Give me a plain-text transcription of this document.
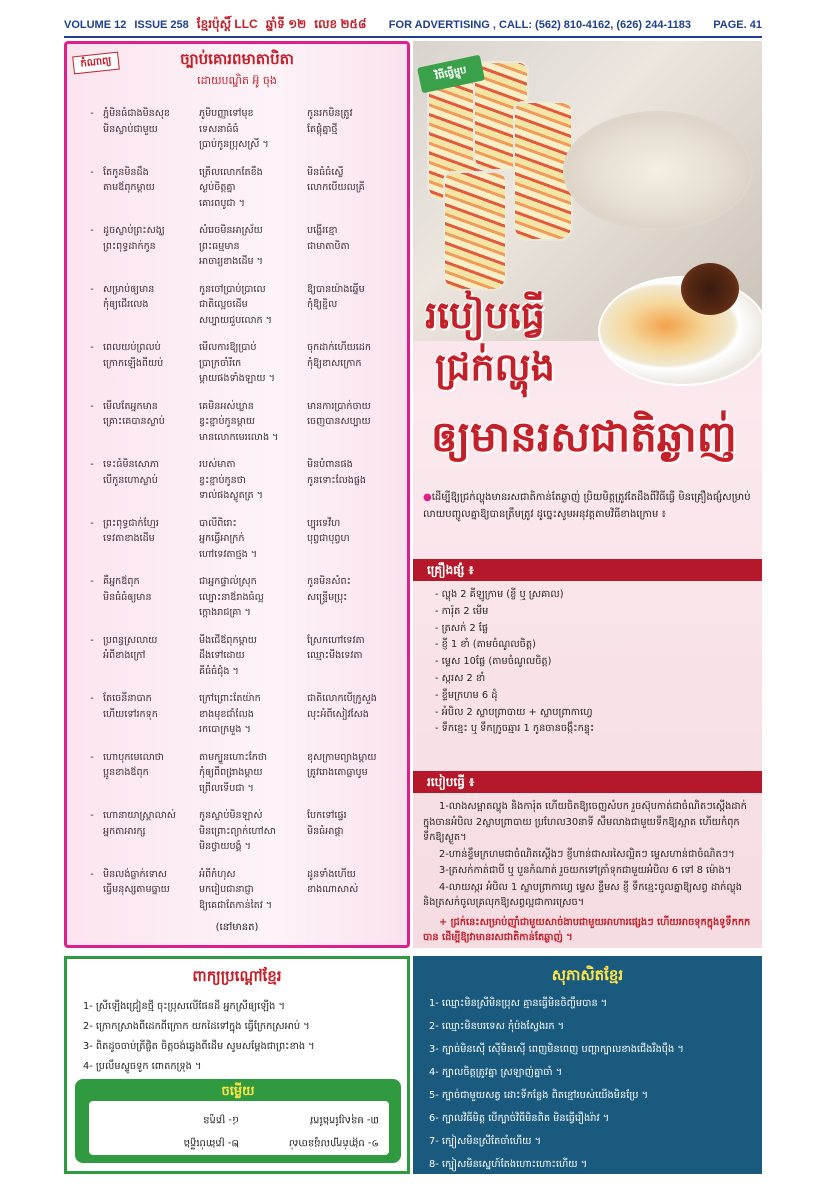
VOLUME 12 ISSUE 258 ខ្មែរប៉ុស្តិ៍ LLC ឆ្នាំទី ១២ លេខ ២៥៨ FOR ADVERTISING , CALL: (562) 810-4162, (626) 244-1183 PAGE. 41
កំណាព្យ	ច្បាប់គោរពមាតាបិតា
ដោយបណ្ឌិត អ៊ូ ចុង
- ភ្នំមិនធំជាងមិនសុខ
មិនស្លាប់ជាមួយ
ភូមិបញ្ញាទៅមុខ
ទេសនាធំធំ
ប្រាប់កូនប្រុសស្រី ។
កូនរកមិនត្រូវ
តែផ្ដុំគ្នាថ្មី
- តែកូនមិនដឹង
តាមឪពុកម្ដាយ
ត្រើលលោកតែ​ខឹង
ស្ងប់ចិត្តគ្នា
គោរពបូជា ។
មិនធំធំស្លើ
លោកបើយលគ្រី
- ដូចស្លាប់ព្រះសង្ឃ
ព្រះពុទ្ធដាក់កូន
សំរេចមិនអាស្រ័យ
ព្រះធម្មមាន
អាចារ្យខាងដើម ។
បង្ហើរខ្មោ
ជាមាតាបិតា
- សម្រាប់ឲ្យមាន
កុំឲ្យជើរលេង
កូនចៅប្រាប់ប្រាលេ
ជាតិល្អេចដើម
សប្បាយជួបលោក ។
ឱ្យបានយ៉ាងឆ្នើម
កុំឱ្យខ្ជិល
- ពេលយប់ព្រលប់
ក្រោកឡើងពីយប់
មើលការឱ្យប្រាប់
ប្រាក្រចាំរីកេ
ម្ដាយផងទាំងឡាយ ។
ចុកដាក់ហើយដេក
កុំឱ្យខាសក្រោក
- មើលតែអ្នកមាន
គ្រោះគេបានស្លាប់
គេមិនអស់ឃ្លាន
ខ្វះខ្ជាប់កូនម្ដាយ
មានលោកមេរលោង ។
មានការប្រាក់ចាយ
ចេញបានសប្បាយ
- ទេះធំមិនសោភា
បើកូនហោស្លាប់
របស់មាតា
ខ្វះខ្ជាប់កូនថា
ទាល់ផងស្លូតត្រ ។
មិនបំពានផង
កូនទោះលែងផ្លង
- ព្រះពុទ្ធជាក់ហ្មែរ
ទេវតាខាងដើម
បាលីពិរោះ
អ្នកធ្វើអាក្រក់
ហៅទេវតាថ្មង ។
ប្បុរទេវីហ
បុព្វជាបុព្វហ
- គឺអ្នកឪពុក
មិនធំធំឲ្យមាន
ជាអ្នកផ្ទាល់ស្រុក
ល្បោះនាឪរាងធំល្អ
ក្តោងរាជគ្រា ។
កូនមិនសំពះ
សន្ទ្រើមប្រុះ
- ប្រពន្ធស្រលាយ
អំពីខាងក្រៅ
មីងជើឪពុកម្ដាយ
ដឹងទៅដោយ
គីធំធំជុំង ។
ស្រែកហៅទេវតា
ឈ្មោះមីងទេវតា
- តែចេនីនាបាក
ហើយទៅរកទុក
ក្រៅព្រោះតែយ៉ាក
ខាងមុខជាំលែង
រកបោក្រមួង ។
ជាតិលោកបើក្រូសួង
លុះអំពីសៀវសែង
- ហោបុកមេ​លោថា
ប្អូនខាងឪពុក
តាមក្បួនហោះកែថា
កុំឲ្យពីពង្រាងម្ដាយ
ព្រើលទើបជា ។
ខុសក្រាមព្យាងម្ដាយ
ត្រូវរោងតោធ្លាបូម
- ហោនាយាស្រ្តាលាស់
អ្នកតាអារក្ស
កូនស្លាប់មិនឡាស់
មិនព្រោះព្យាក់ហៅសា
មិនថ្វាយបង្គំ ។
បែកទៅផ្ទេរ
មិនធំអាផ្ដា
- មិនលង់ធ្លាក់ទោស
ធ្វើមនុស្សតាមធ្នាយ
អំពីកំហុស
មករៀបជានាជ្ញា
ឱ្យគេជាតែកាន់តៃវ ។
ដូនទាំងហើយ
ខាងណាសាស់
(នៅមានត)
វិធីធ្វើម្ហូប
របៀបធ្វើ
ជ្រក់ល្ហុង
ឲ្យមានរសជាតិឆ្ងាញ់
●ដើម្បីឱ្យជ្រក់ល្ហុងមានរសជាតិកាន់តែឆ្ងាញ់ ប្រិយមិត្តត្រូវតែដឹងពីវិធីធ្វើ មិនគ្រឿងផ្សំសម្រាប់លាយបញ្ចូលគ្នាឱ្យបានត្រឹមត្រូវ ដូច្នេះសូមអនុវត្តតាមវិធីខាងក្រោម ៖
គ្រឿងផ្សំ ៖
- ល្ហុង 2 គីឡូក្រាម (ខ្ចី ឬ ស្រគាល)
- ការ៉ុត 2 មើម
- ត្រសក់ 2 ផ្លែ
- ខ្ញី 1 ខាំ (តាមចំណូលចិត្ត)
- ម្ទេស 10ផ្លែ (តាមចំណូលចិត្ត)
- ស្ករស 2 ខាំ
- ខ្ទឹមក្រហម 6 ដុំ
- អំបិល 2 ស្លាបព្រាបាយ + ស្លាបព្រាកាហ្វេ
- ទឹកខ្មេះ ឬ ទឹកក្រូចឆ្មារ 1 កូនចានចង្កឹះកន្ទុះ
របៀបធ្វើ ៖

1-លាងសម្អាតល្ហុង និងការ៉ុត ហើយចិតឱ្យចេញសំបក រួចស៊ុបកាត់ជាចំណិតៗស្ដើងដាក់ក្នុងចានអំបិល 2ស្លាបព្រាបាយ ប្រហែល30នាទី សឹមលាងជាមួយទឹកឱ្យស្អាត ហើយកំពុកទឹកឱ្យស្ងួត។

2-ហាន់ខ្ទឹមក្រហមជាចំណិតស្ដើងៗ ខ្ញីហាន់ជាសរសៃល្អិតៗ ម្ទេសហាន់ជាចំណិតៗ។

3-ត្រសក់កាត់ជាបី ឬ បួនកំណាត់ រួចយកទៅត្រាំទុកជាមួយអំបិល 6 ទៅ 8 ម៉ោង។

4-លាយស្ករ អំបិល 1 ស្លាបព្រាកាហ្វេ ម្ទេស ខ្ទឹមស ខ្ញី ទឹកខ្មេះចូលគ្នាឱ្យសព្វ ដាក់ល្ហុង និងត្រសក់ចូលគ្រលុកឱ្យសព្វល្អជាការស្រេច។

+ ជ្រក់នេះសម្រាប់ញ៉ាំជាមួយសាច់ងាបជាមួយអាហារផ្សេងៗ ហើយអាចទុកក្នុងទូទឹកកកបាន ដើម្បីឱ្យវាមានរសជាតិកាន់តែឆ្ងាញ់ ។

ពាក្យប្រណ្ដៅខ្មែរ
1- ស្រីឡើងជ្រៀនថ្មី ចុះប្រុសលើផែនដី អ្នកស្រីឲ្យឡើង ។
2- ក្រោកស្រាងពីដេកពីក្រោក យកដៃទៅក្នុង ធ្វើក្រែកស្រអាប់ ។
3- ពិតដូចចាប់ត្រីផ្ចិត ចិត្តចង់ឆ្វេងពីដើម សូមសម្តែងជាព្រះខាង ។
4- ប្រលឹមស្ទូចទូក ពោតកទ្រុង ។
ចម្លើយ
១- បង្កាត់ក្បាលដូនចាស់
២- ត្រងាប់ភ្លើង
៣- មនុស្សកែងកែវ
៤- ត្រកួន
សុភាសិតខ្មែរ
1- ឈ្មោះមិនស្រីមិនប្រុស គ្មានធ្វើមិនចិញ្ចឹមបាន ។
2- ឈ្មោះមិនបរទេស កុំប៉ងស្វែងរក ។
3- ក្បាច់មិនស៊ើ ស៊ើមិនស៊ើ ពេញមិនពេញ បញ្ហាក្បាលខាងជើងរឹងប៉ឹង ។
4- ក្បាលចិត្តត្រូវគ្នា ស្រឡាញ់គ្នាចាំ ។
5- ក្បាច់ជាមួយសត្វ ដោះទីកន្លែង ពិតខ្មៅរបស់យើងមិនប្រែ ។
6- ក្បាលវិធីមិត្ត បើក្បាច់វិធីមិនពិត មិនធ្វើរឿងរ៉ាវ ។
7- ក្បៀសមិនស្រីតែចាំហើយ ។
8- ក្បៀសមិនស្នេហ៍តែងហោះហោះហើយ ។
